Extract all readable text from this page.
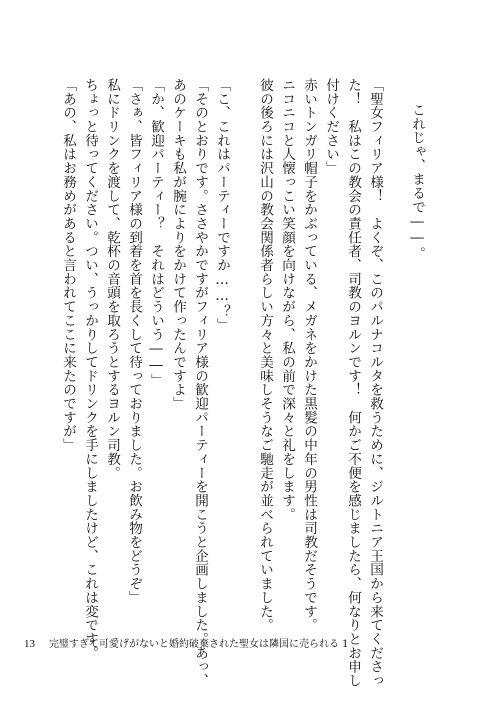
これじゃ、まるで――。
「聖女フィリア様！　よくぞ、このパルナコルタを救うために、ジルトニア王国から来てくださっ
た！　私はこの教会の責任者、司教のヨルンです！　何かご不便を感じましたら、何なりとお申し
付けください」
赤いトンガリ帽子をかぶっている、メガネをかけた黒髪の中年の男性は司教だそうです。
ニコニコと人懐っこい笑顔を向けながら、私の前で深々と礼をします。
彼の後ろには沢山の教会関係者らしい方々と美味しそうなご馳走が並べられていました。
「こ、これはパーティーですか……？」
「そのとおりです。ささやかですがフィリア様の歓迎パーティーを開こうと企画しました。あっ、
あのケーキも私が腕によりをかけて作ったんですよ」
「か、歓迎パーティー？　それはどういう――」
「さぁ、皆フィリア様の到着を首を長くして待っておりました。お飲み物をどうぞ」
私にドリンクを渡して、乾杯の音頭を取ろうとするヨルン司教。
ちょっと待ってください。つい、うっかりしてドリンクを手にしましたけど、これは変です。
「あの、私はお務めがあると言われてここに来たのですが」
13 完璧すぎて可愛げがないと婚約破棄された聖女は隣国に売られる 1
